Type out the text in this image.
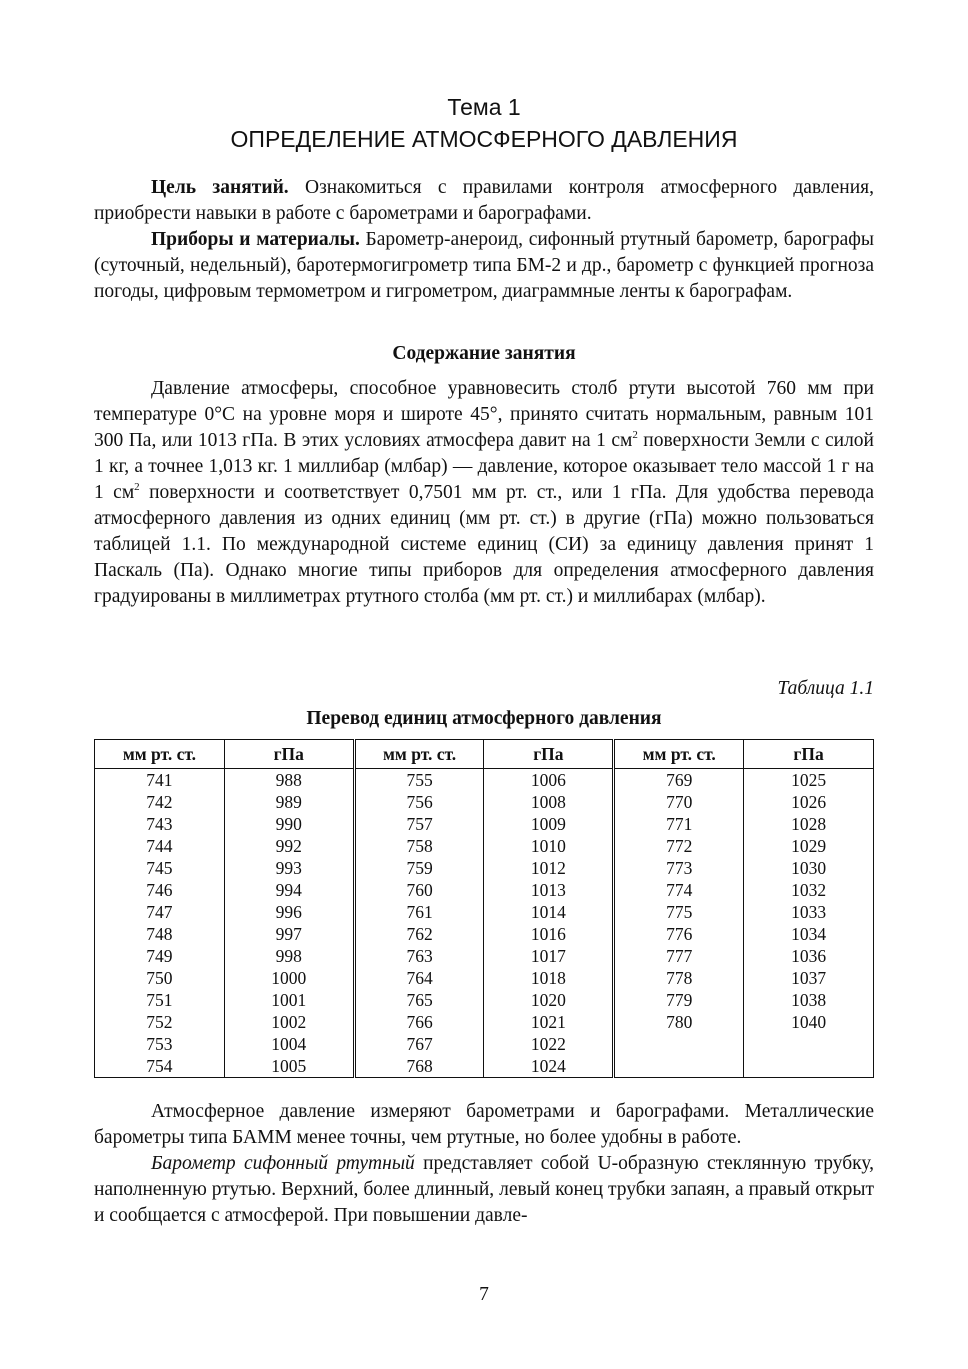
Тема 1
ОПРЕДЕЛЕНИЕ АТМОСФЕРНОГО ДАВЛЕНИЯ

Цель занятий. Ознакомиться с правилами контроля атмосферного давления, приобрести навыки в работе с барометрами и барографами.

Приборы и материалы. Барометр-анероид, сифонный ртутный барометр, барографы (суточный, недельный), баротермогигрометр типа БМ-2 и др., барометр с функцией прогноза погоды, цифровым термометром и гигрометром, диаграммные ленты к барографам.

Содержание занятия

Давление атмосферы, способное уравновесить столб ртути высотой 760 мм при температуре 0°С на уровне моря и широте 45°, принято считать нормальным, равным 101 300 Па, или 1013 гПа. В этих условиях атмосфера давит на 1 $см^2$ поверхности Земли с силой 1 кг, а точнее 1,013 кг. 1 миллибар (млбар) — давление, которое оказывает тело массой 1 г на 1 $см^2$ поверхности и соответствует 0,7501 мм рт. ст., или 1 гПа. Для удобства перевода атмосферного давления из одних единиц (мм рт. ст.) в другие (гПа) можно пользоваться таблицей 1.1. По международной системе единиц (СИ) за единицу давления принят 1 Паскаль (Па). Однако многие типы приборов для определения атмосферного давления градуированы в миллиметрах ртутного столба (мм рт. ст.) и миллибарах (млбар).

Таблица 1.1
Перевод единиц атмосферного давления
мм рт. ст.	гПа	мм рт. ст.	гПа	мм рт. ст.	гПа
741	988	755	1006	769	1025
742	989	756	1008	770	1026
743	990	757	1009	771	1028
744	992	758	1010	772	1029
745	993	759	1012	773	1030
746	994	760	1013	774	1032
747	996	761	1014	775	1033
748	997	762	1016	776	1034
749	998	763	1017	777	1036
750	1000	764	1018	778	1037
751	1001	765	1020	779	1038
752	1002	766	1021	780	1040
753	1004	767	1022		
754	1005	768	1024		

Атмосферное давление измеряют барометрами и барографами. Металлические барометры типа БАММ менее точны, чем ртутные, но более удобны в работе.

Барометр сифонный ртутный представляет собой U-образную стеклянную трубку, наполненную ртутью. Верхний, более длинный, левый конец трубки запаян, а правый открыт и сообщается с атмосферой. При повышении давле-

7
